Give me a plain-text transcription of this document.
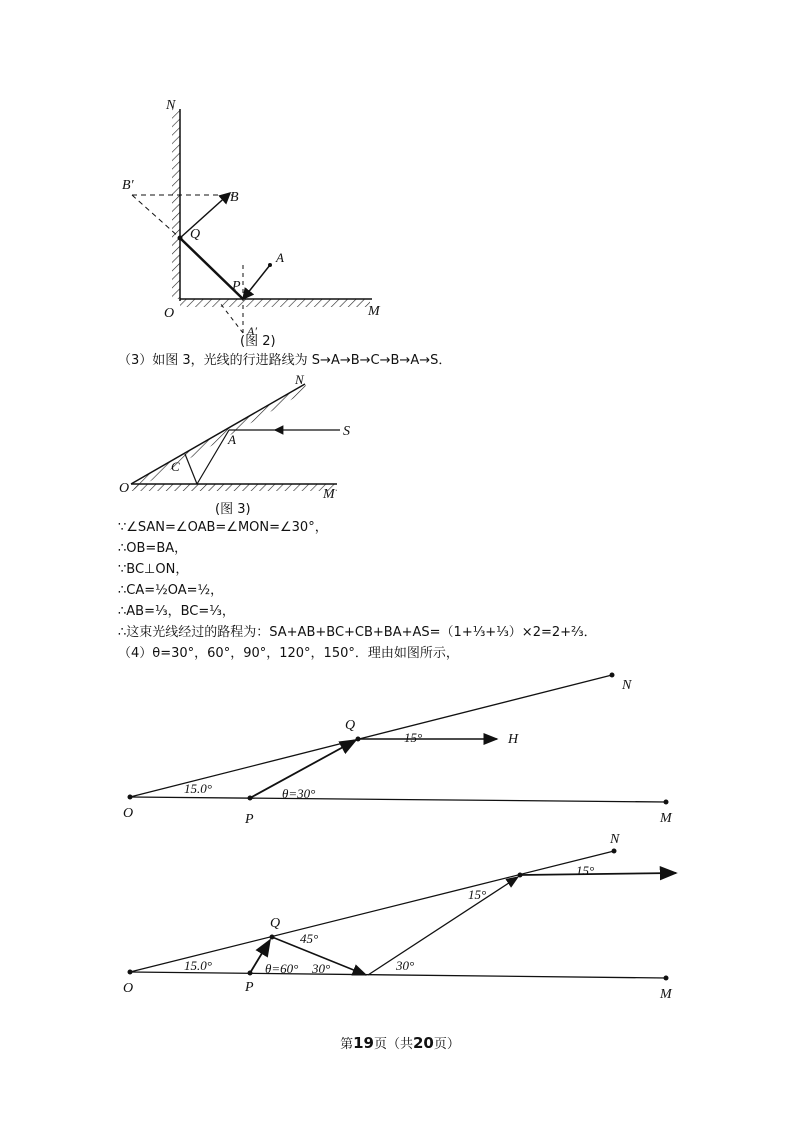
N
B′
B
Q
A
P
O	M
A′
(图 2)
（3）如图 3，光线的行进路线为 S→A→B→C→B→A→S．
N
A
S
C
O	M
(图 3)
∵∠SAN=∠OAB=∠MON=∠30°，
∴OB=BA，
∵BC⊥ON，
∴CA=½OA=½，
∴AB=⅓，BC=⅓，
∴这束光线经过的路程为：SA+AB+BC+CB+BA+AS=（1+⅓+⅓）×2=2+⅔．
（4）θ=30°，60°，90°，120°，150°．理由如图所示，
N
Q
15°	H
15.0°	θ=30°
O	P	M
N
15°
15°
Q
45°
15.0°	θ=60° 30°	30°
O	P	M
第19页（共20页）
